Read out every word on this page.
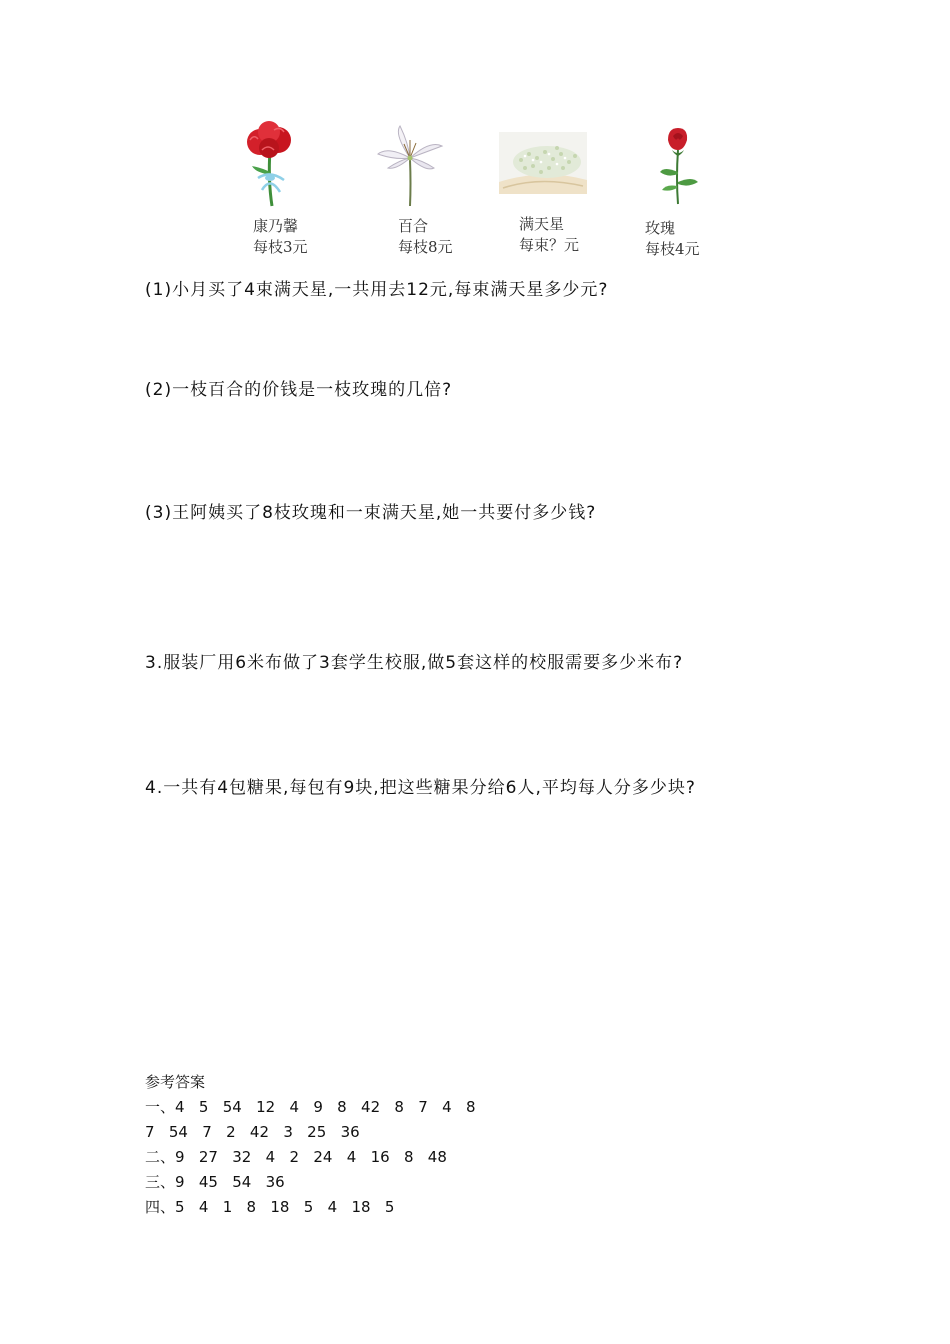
康乃馨
每枝3元
百合
每枝8元
满天星
每束？元
玫瑰
每枝4元
(1)小月买了4束满天星,一共用去12元,每束满天星多少元?
(2)一枝百合的价钱是一枝玫瑰的几倍?
(3)王阿姨买了8枝玫瑰和一束满天星,她一共要付多少钱?
3.服装厂用6米布做了3套学生校服,做5套这样的校服需要多少米布?
4.一共有4包糖果,每包有9块,把这些糖果分给6人,平均每人分多少块?
参考答案
一、4   5   54   12   4   9   8   42   8   7   4   8
7   54   7   2   42   3   25   36
二、9   27   32   4   2   24   4   16   8   48
三、9   45   54   36
四、5   4   1   8   18   5   4   18   5
